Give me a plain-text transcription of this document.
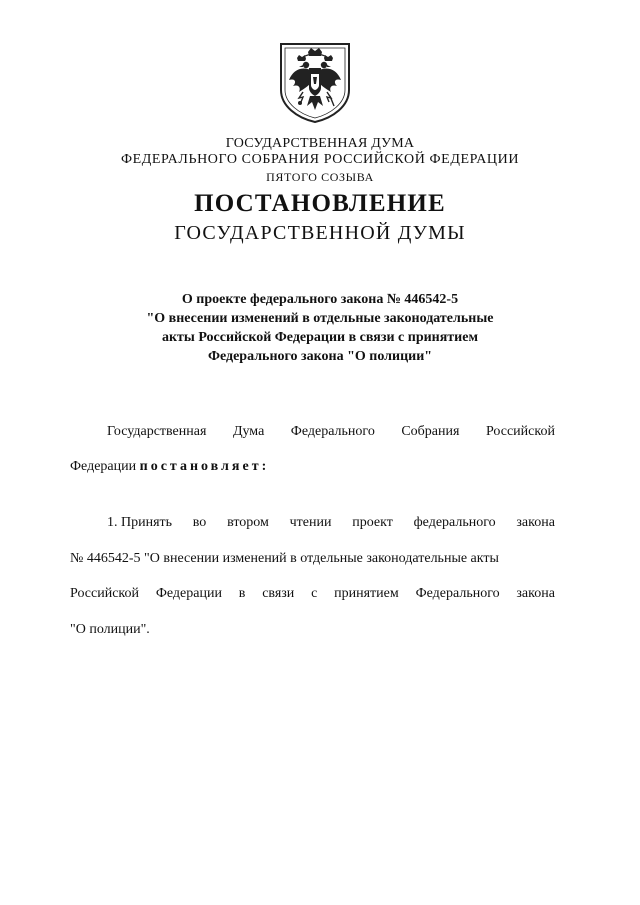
ГОСУДАРСТВЕННАЯ ДУМА
ФЕДЕРАЛЬНОГО СОБРАНИЯ РОССИЙСКОЙ ФЕДЕРАЦИИ
ПЯТОГО СОЗЫВА
ПОСТАНОВЛЕНИЕ
ГОСУДАРСТВЕННОЙ ДУМЫ
О проекте федерального закона № 446542-5
"О внесении изменений в отдельные законодательные
акты Российской Федерации в связи с принятием
Федерального закона "О полиции"
Государственная Дума Федерального Собрания Российской
Федерации постановляет:
1. Принять во втором чтении проект федерального закона
№ 446542-5 "О внесении изменений в отдельные законодательные акты
Российской Федерации в связи с принятием Федерального закона
"О полиции".
